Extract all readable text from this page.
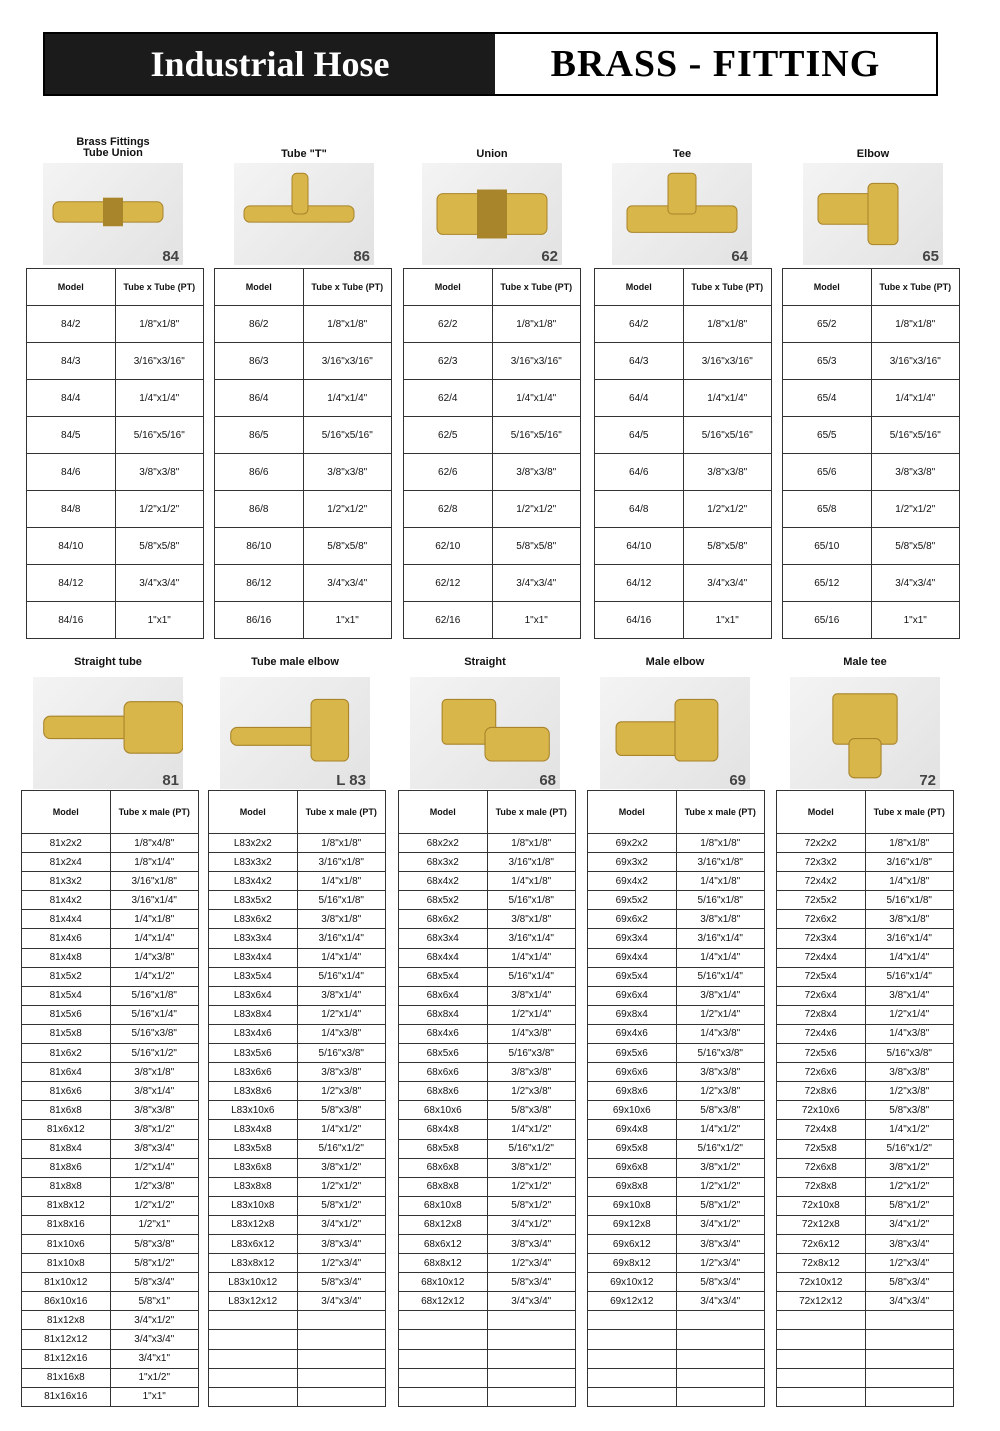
Industrial Hose	BRASS - FITTING
Brass Fittings
Tube Union
84
Model	Tube x Tube (PT)
84/2	1/8"x1/8"
84/3	3/16"x3/16"
84/4	1/4"x1/4"
84/5	5/16"x5/16"
84/6	3/8"x3/8"
84/8	1/2"x1/2"
84/10	5/8"x5/8"
84/12	3/4"x3/4"
84/16	1"x1"
Tube "T"
86
Model	Tube x Tube (PT)
86/2	1/8"x1/8"
86/3	3/16"x3/16"
86/4	1/4"x1/4"
86/5	5/16"x5/16"
86/6	3/8"x3/8"
86/8	1/2"x1/2"
86/10	5/8"x5/8"
86/12	3/4"x3/4"
86/16	1"x1"
Union
62
Model	Tube x Tube (PT)
62/2	1/8"x1/8"
62/3	3/16"x3/16"
62/4	1/4"x1/4"
62/5	5/16"x5/16"
62/6	3/8"x3/8"
62/8	1/2"x1/2"
62/10	5/8"x5/8"
62/12	3/4"x3/4"
62/16	1"x1"
Tee
64
Model	Tube x Tube (PT)
64/2	1/8"x1/8"
64/3	3/16"x3/16"
64/4	1/4"x1/4"
64/5	5/16"x5/16"
64/6	3/8"x3/8"
64/8	1/2"x1/2"
64/10	5/8"x5/8"
64/12	3/4"x3/4"
64/16	1"x1"
Elbow
65
Model	Tube x Tube (PT)
65/2	1/8"x1/8"
65/3	3/16"x3/16"
65/4	1/4"x1/4"
65/5	5/16"x5/16"
65/6	3/8"x3/8"
65/8	1/2"x1/2"
65/10	5/8"x5/8"
65/12	3/4"x3/4"
65/16	1"x1"
Straight tube
81
Model	Tube x male (PT)
81x2x2	1/8"x4/8"
81x2x4	1/8"x1/4"
81x3x2	3/16"x1/8"
81x4x2	3/16"x1/4"
81x4x4	1/4"x1/8"
81x4x6	1/4"x1/4"
81x4x8	1/4"x3/8"
81x5x2	1/4"x1/2"
81x5x4	5/16"x1/8"
81x5x6	5/16"x1/4"
81x5x8	5/16"x3/8"
81x6x2	5/16"x1/2"
81x6x4	3/8"x1/8"
81x6x6	3/8"x1/4"
81x6x8	3/8"x3/8"
81x6x12	3/8"x1/2"
81x8x4	3/8"x3/4"
81x8x6	1/2"x1/4"
81x8x8	1/2"x3/8"
81x8x12	1/2"x1/2"
81x8x16	1/2"x1"
81x10x6	5/8"x3/8"
81x10x8	5/8"x1/2"
81x10x12	5/8"x3/4"
86x10x16	5/8"x1"
81x12x8	3/4"x1/2"
81x12x12	3/4"x3/4"
81x12x16	3/4"x1"
81x16x8	1"x1/2"
81x16x16	1"x1"
Tube male elbow
L 83
Model	Tube x male (PT)
L83x2x2	1/8"x1/8"
L83x3x2	3/16"x1/8"
L83x4x2	1/4"x1/8"
L83x5x2	5/16"x1/8"
L83x6x2	3/8"x1/8"
L83x3x4	3/16"x1/4"
L83x4x4	1/4"x1/4"
L83x5x4	5/16"x1/4"
L83x6x4	3/8"x1/4"
L83x8x4	1/2"x1/4"
L83x4x6	1/4"x3/8"
L83x5x6	5/16"x3/8"
L83x6x6	3/8"x3/8"
L83x8x6	1/2"x3/8"
L83x10x6	5/8"x3/8"
L83x4x8	1/4"x1/2"
L83x5x8	5/16"x1/2"
L83x6x8	3/8"x1/2"
L83x8x8	1/2"x1/2"
L83x10x8	5/8"x1/2"
L83x12x8	3/4"x1/2"
L83x6x12	3/8"x3/4"
L83x8x12	1/2"x3/4"
L83x10x12	5/8"x3/4"
L83x12x12	3/4"x3/4"

Straight
68
Model	Tube x male (PT)
68x2x2	1/8"x1/8"
68x3x2	3/16"x1/8"
68x4x2	1/4"x1/8"
68x5x2	5/16"x1/8"
68x6x2	3/8"x1/8"
68x3x4	3/16"x1/4"
68x4x4	1/4"x1/4"
68x5x4	5/16"x1/4"
68x6x4	3/8"x1/4"
68x8x4	1/2"x1/4"
68x4x6	1/4"x3/8"
68x5x6	5/16"x3/8"
68x6x6	3/8"x3/8"
68x8x6	1/2"x3/8"
68x10x6	5/8"x3/8"
68x4x8	1/4"x1/2"
68x5x8	5/16"x1/2"
68x6x8	3/8"x1/2"
68x8x8	1/2"x1/2"
68x10x8	5/8"x1/2"
68x12x8	3/4"x1/2"
68x6x12	3/8"x3/4"
68x8x12	1/2"x3/4"
68x10x12	5/8"x3/4"
68x12x12	3/4"x3/4"

Male elbow
69
Model	Tube x male (PT)
69x2x2	1/8"x1/8"
69x3x2	3/16"x1/8"
69x4x2	1/4"x1/8"
69x5x2	5/16"x1/8"
69x6x2	3/8"x1/8"
69x3x4	3/16"x1/4"
69x4x4	1/4"x1/4"
69x5x4	5/16"x1/4"
69x6x4	3/8"x1/4"
69x8x4	1/2"x1/4"
69x4x6	1/4"x3/8"
69x5x6	5/16"x3/8"
69x6x6	3/8"x3/8"
69x8x6	1/2"x3/8"
69x10x6	5/8"x3/8"
69x4x8	1/4"x1/2"
69x5x8	5/16"x1/2"
69x6x8	3/8"x1/2"
69x8x8	1/2"x1/2"
69x10x8	5/8"x1/2"
69x12x8	3/4"x1/2"
69x6x12	3/8"x3/4"
69x8x12	1/2"x3/4"
69x10x12	5/8"x3/4"
69x12x12	3/4"x3/4"

Male tee
72
Model	Tube x male (PT)
72x2x2	1/8"x1/8"
72x3x2	3/16"x1/8"
72x4x2	1/4"x1/8"
72x5x2	5/16"x1/8"
72x6x2	3/8"x1/8"
72x3x4	3/16"x1/4"
72x4x4	1/4"x1/4"
72x5x4	5/16"x1/4"
72x6x4	3/8"x1/4"
72x8x4	1/2"x1/4"
72x4x6	1/4"x3/8"
72x5x6	5/16"x3/8"
72x6x6	3/8"x3/8"
72x8x6	1/2"x3/8"
72x10x6	5/8"x3/8"
72x4x8	1/4"x1/2"
72x5x8	5/16"x1/2"
72x6x8	3/8"x1/2"
72x8x8	1/2"x1/2"
72x10x8	5/8"x1/2"
72x12x8	3/4"x1/2"
72x6x12	3/8"x3/4"
72x8x12	1/2"x3/4"
72x10x12	5/8"x3/4"
72x12x12	3/4"x3/4"
